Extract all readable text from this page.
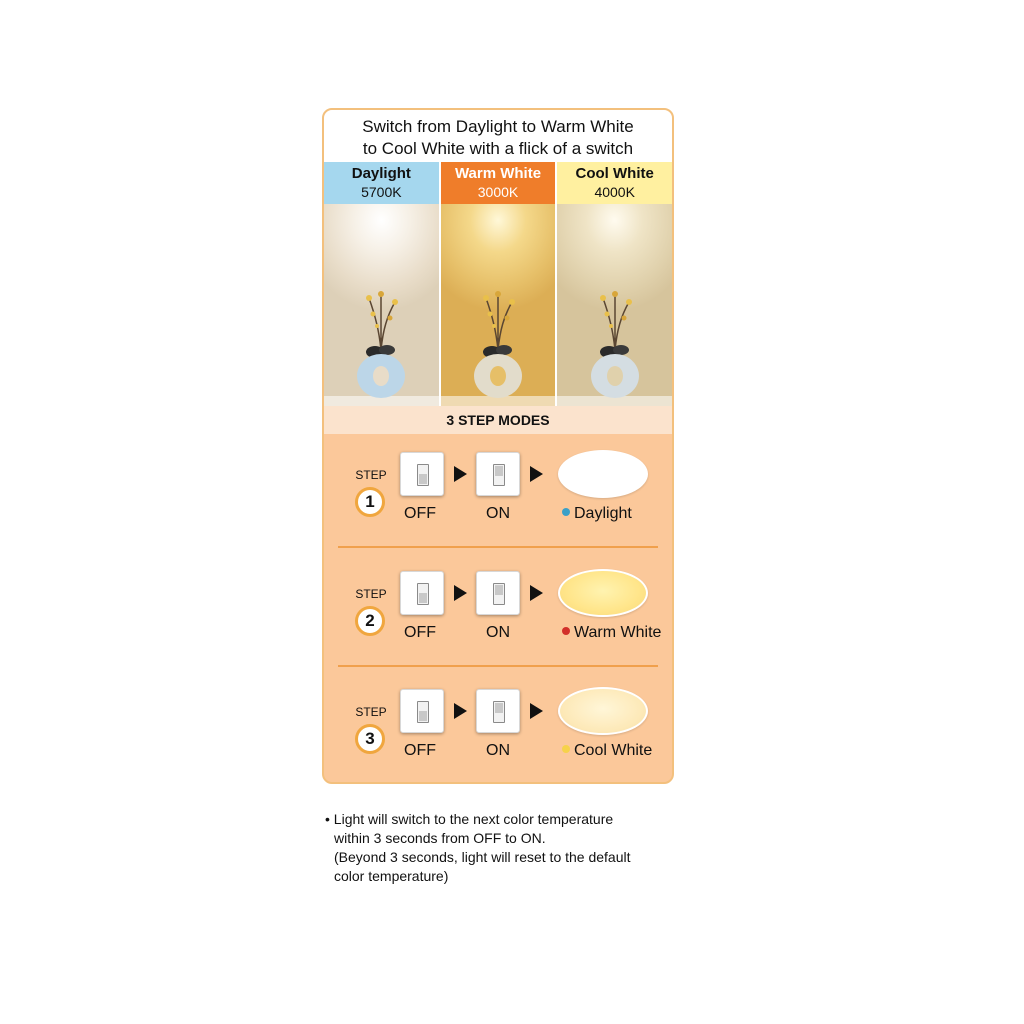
Switch from Daylight to Warm White
to Cool White with a flick of a switch
Daylight
5700K
Warm White
3000K
Cool White
4000K
3 STEP MODES
STEP
1
OFF	ON	Daylight
STEP
2
OFF	ON	Warm White
STEP
3
OFF	ON	Cool White
• Light will switch to the next color temperature
within 3 seconds from OFF to ON.
(Beyond 3 seconds, light will reset to the default
color temperature)
